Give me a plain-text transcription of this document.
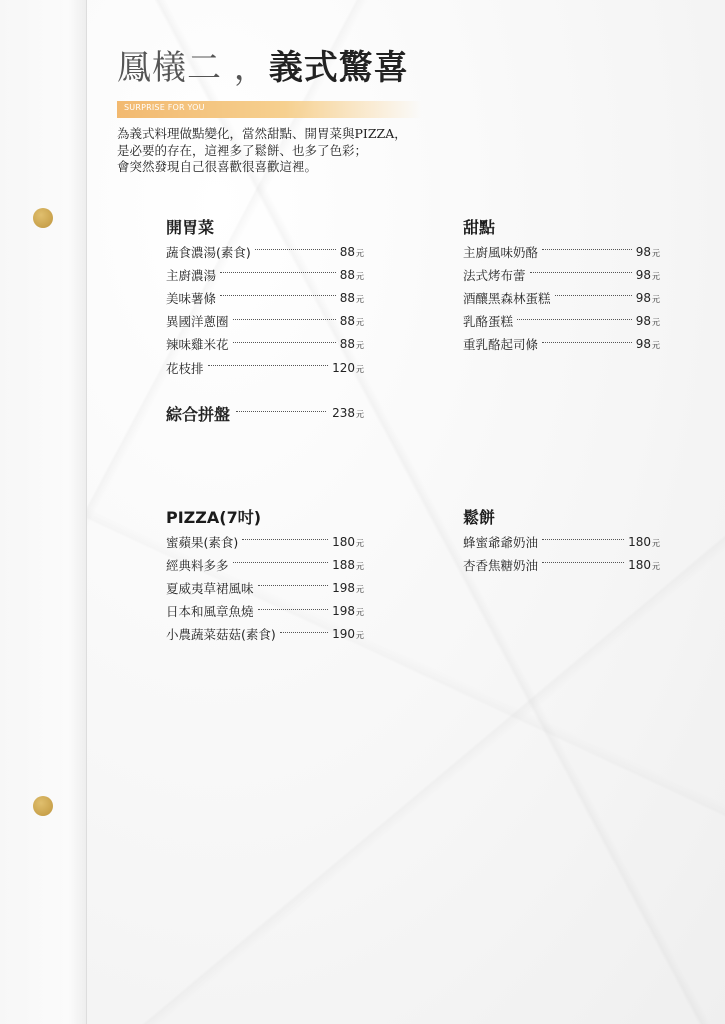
鳳檥二 ，義式驚喜
SURPRISE FOR YOU
為義式料理做點變化，當然甜點、開胃菜與PIZZA，
是必要的存在，這裡多了鬆餅、也多了色彩；
會突然發現自己很喜歡很喜歡這裡。
開胃菜
蔬食濃湯(素食)	88元
主廚濃湯	88元
美味薯條	88元
異國洋蔥圈	88元
辣味雞米花	88元
花枝排	120元
甜點
主廚風味奶酪	98元
法式烤布蕾	98元
酒釀黑森林蛋糕	98元
乳酪蛋糕	98元
重乳酪起司條	98元
綜合拼盤	238元
PIZZA(7吋)
蜜蘋果(素食)	180元
經典料多多	188元
夏威夷草裙風味	198元
日本和風章魚燒	198元
小農蔬菜菇菇(素食)	190元
鬆餅
蜂蜜爺爺奶油	180元
杏香焦糖奶油	180元
